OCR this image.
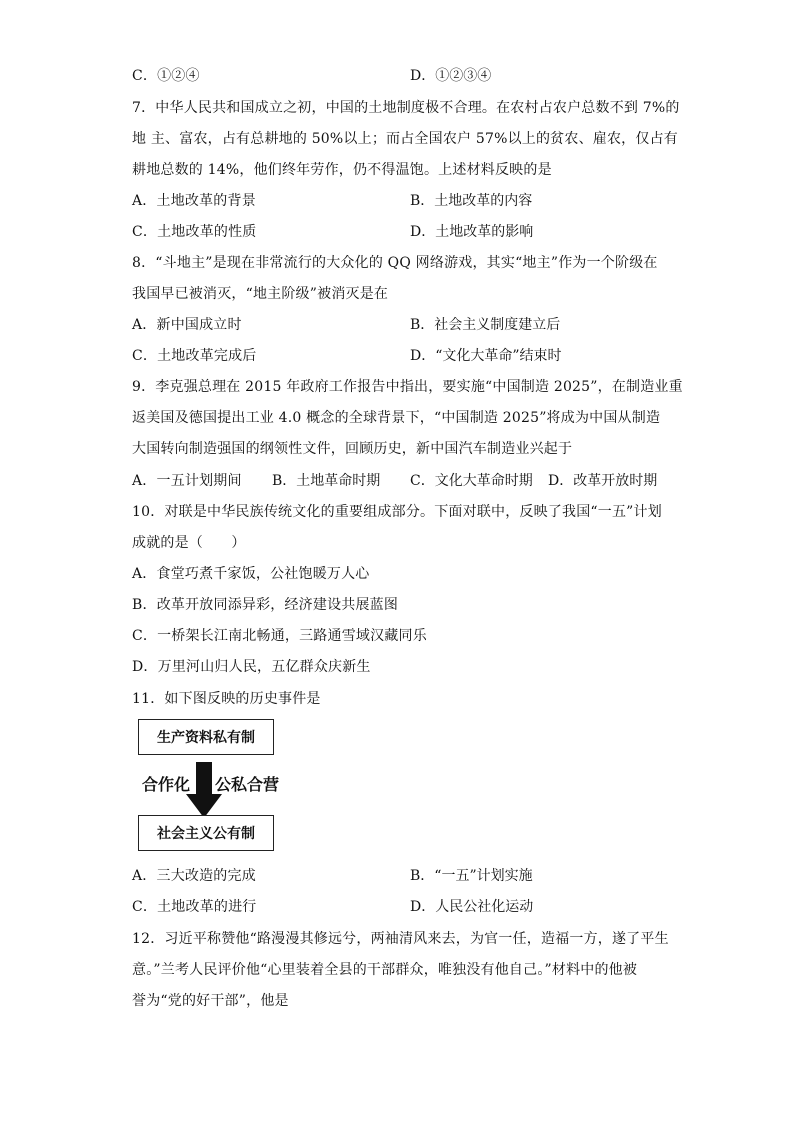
C．①②④	D．①②③④
7．中华人民共和国成立之初，中国的土地制度极不合理。在农村占农户总数不到 7%的
地 主、富农，占有总耕地的 50%以上；而占全国农户 57%以上的贫农、雇农，仅占有
耕地总数的 14%，他们终年劳作，仍不得温饱。上述材料反映的是
A．土地改革的背景	B．土地改革的内容
C．土地改革的性质	D．土地改革的影响
8．“斗地主”是现在非常流行的大众化的 QQ 网络游戏，其实“地主”作为一个阶级在
我国早已被消灭，“地主阶级”被消灭是在
A．新中国成立时	B．社会主义制度建立后
C．土地改革完成后	D．“文化大革命”结束时
9．李克强总理在 2015 年政府工作报告中指出，要实施“中国制造 2025”，在制造业重
返美国及德国提出工业 4.0 概念的全球背景下，“中国制造 2025”将成为中国从制造
大国转向制造强国的纲领性文件，回顾历史，新中国汽车制造业兴起于
A．一五计划期间 B．土地革命时期 C．文化大革命时期 D．改革开放时期
10．对联是中华民族传统文化的重要组成部分。下面对联中，反映了我国“一五”计划
成就的是（　　）
A．食堂巧煮千家饭，公社饱暖万人心
B．改革开放同添异彩，经济建设共展蓝图
C．一桥架长江南北畅通，三路通雪域汉藏同乐
D．万里河山归人民，五亿群众庆新生
11．如下图反映的历史事件是
生产资料私有制
合作化 公私合营
社会主义公有制
A．三大改造的完成	B．“一五”计划实施
C．土地改革的进行	D．人民公社化运动
12．习近平称赞他“路漫漫其修远兮，两袖清风来去，为官一任，造福一方，遂了平生
意。”兰考人民评价他“心里装着全县的干部群众，唯独没有他自己。”材料中的他被
誉为“党的好干部”，他是
